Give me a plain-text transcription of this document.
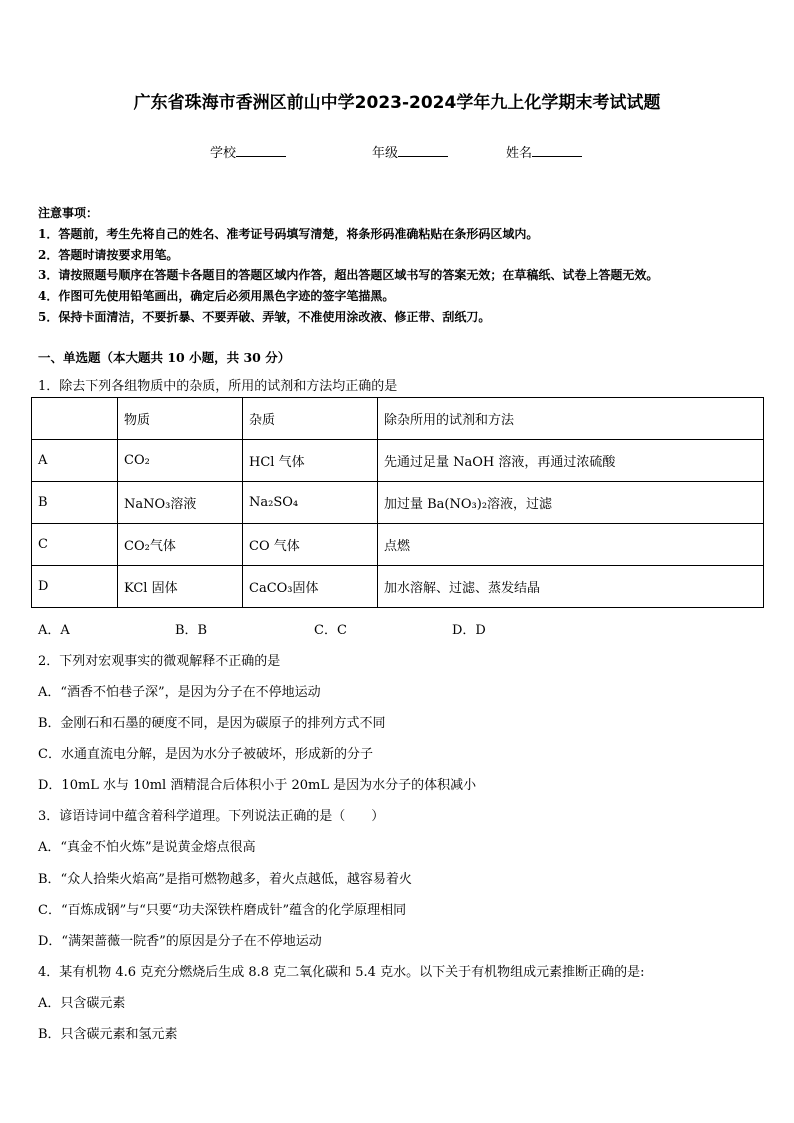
广东省珠海市香洲区前山中学2023-2024学年九上化学期末考试试题
学校	年级	姓名
注意事项：
1．答题前，考生先将自己的姓名、准考证号码填写清楚，将条形码准确粘贴在条形码区域内。
2．答题时请按要求用笔。
3．请按照题号顺序在答题卡各题目的答题区域内作答，超出答题区域书写的答案无效；在草稿纸、试卷上答题无效。
4．作图可先使用铅笔画出，确定后必须用黑色字迹的签字笔描黑。
5．保持卡面清洁，不要折暴、不要弄破、弄皱，不准使用涂改液、修正带、刮纸刀。
一、单选题（本大题共 10 小题，共 30 分）
1．除去下列各组物质中的杂质，所用的试剂和方法均正确的是
	物质	杂质	除杂所用的试剂和方法
A	CO₂	HCl 气体	先通过足量 NaOH 溶液，再通过浓硫酸
B	NaNO₃溶液	Na₂SO₄	加过量 Ba(NO₃)₂溶液，过滤
C	CO₂气体	CO 气体	点燃
D	KCl 固体	CaCO₃固体	加水溶解、过滤、蒸发结晶
A．A	B．B	C．C	D．D
2．下列对宏观事实的微观解释不正确的是
A．“酒香不怕巷子深”，是因为分子在不停地运动
B．金刚石和石墨的硬度不同，是因为碳原子的排列方式不同
C．水通直流电分解，是因为水分子被破坏，形成新的分子
D．10mL 水与 10ml 酒精混合后体积小于 20mL 是因为水分子的体积减小
3．谚语诗词中蕴含着科学道理。下列说法正确的是（　　）
A．“真金不怕火炼”是说黄金熔点很高
B．“众人拾柴火焰高”是指可燃物越多，着火点越低，越容易着火
C．“百炼成钢”与“只要“功夫深铁杵磨成针”蕴含的化学原理相同
D．“满架蔷薇一院香”的原因是分子在不停地运动
4．某有机物 4.6 克充分燃烧后生成 8.8 克二氧化碳和 5.4 克水。以下关于有机物组成元素推断正确的是:
A．只含碳元素
B．只含碳元素和氢元素
